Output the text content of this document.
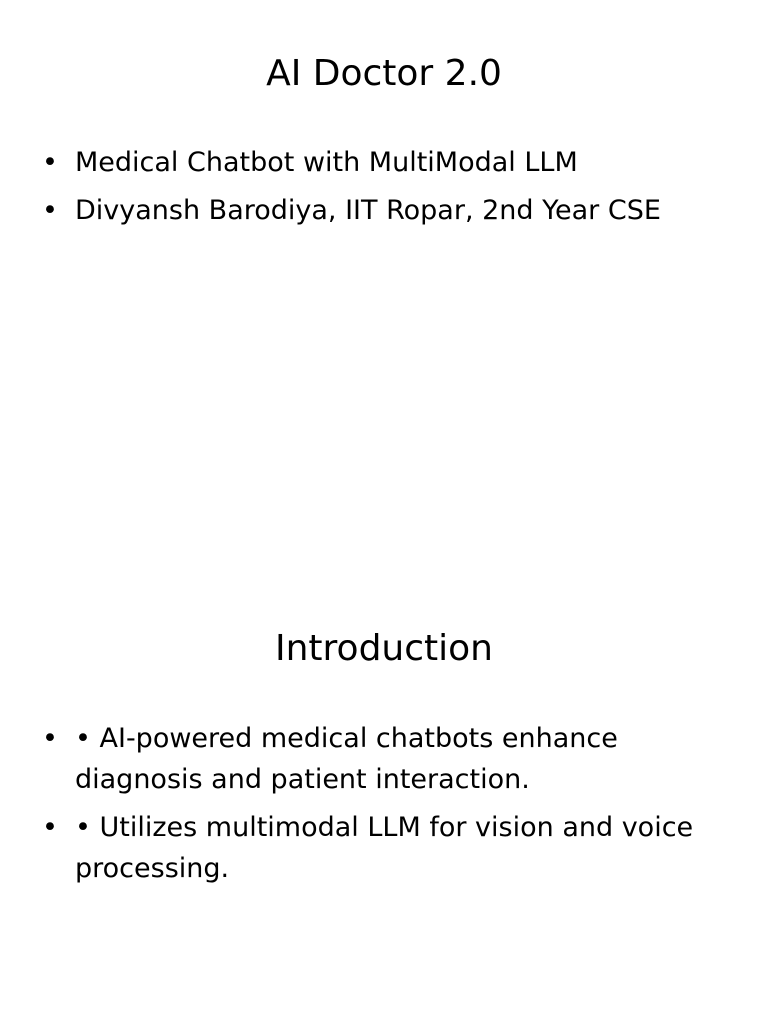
AI Doctor 2.0
• Medical Chatbot with MultiModal LLM
• Divyansh Barodiya, IIT Ropar, 2nd Year CSE
Introduction
• • AI-powered medical chatbots enhance diagnosis and patient interaction.
• • Utilizes multimodal LLM for vision and voice processing.
